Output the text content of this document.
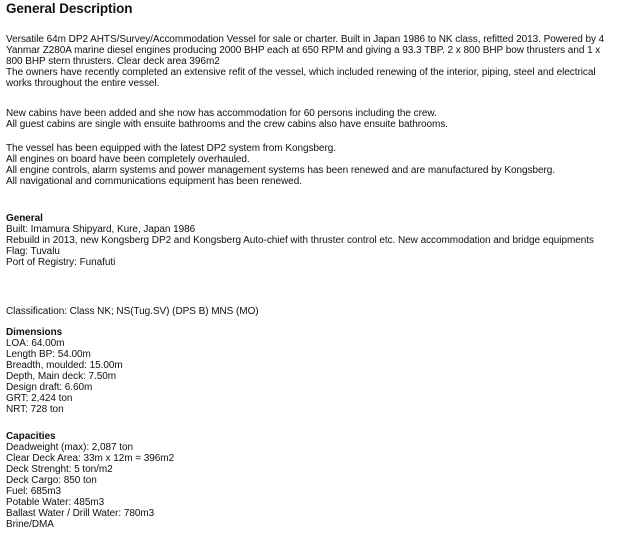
General Description
Versatile 64m DP2 AHTS/Survey/Accommodation Vessel for sale or charter. Built in Japan 1986 to NK class, refitted 2013. Powered by 4
Yanmar Z280A marine diesel engines producing 2000 BHP each at 650 RPM and giving a 93.3 TBP. 2 x 800 BHP bow thrusters and 1 x
800 BHP stern thrusters. Clear deck area 396m2
The owners have recently completed an extensive refit of the vessel, which included renewing of the interior, piping, steel and electrical
works throughout the entire vessel.
New cabins have been added and she now has accommodation for 60 persons including the crew.
All guest cabins are single with ensuite bathrooms and the crew cabins also have ensuite bathrooms.
The vessel has been equipped with the latest DP2 system from Kongsberg.
All engines on board have been completely overhauled.
All engine controls, alarm systems and power management systems has been renewed and are manufactured by Kongsberg.
All navigational and communications equipment has been renewed.
General
Built: Imamura Shipyard, Kure, Japan 1986
Rebuild in 2013, new Kongsberg DP2 and Kongsberg Auto-chief with thruster control etc. New accommodation and bridge equipments
Flag: Tuvalu
Port of Registry: Funafuti
Classification: Class NK; NS(Tug.SV) (DPS B) MNS (MO)
Dimensions
LOA: 64.00m
Length BP: 54.00m
Breadth, moulded: 15.00m
Depth, Main deck: 7.50m
Design draft: 6.60m
GRT: 2,424 ton
NRT: 728 ton
Capacities
Deadweight (max): 2,087 ton
Clear Deck Area: 33m x 12m = 396m2
Deck Strenght: 5 ton/m2
Deck Cargo: 850 ton
Fuel: 685m3
Potable Water: 485m3
Ballast Water / Drill Water: 780m3
Brine/DMA
